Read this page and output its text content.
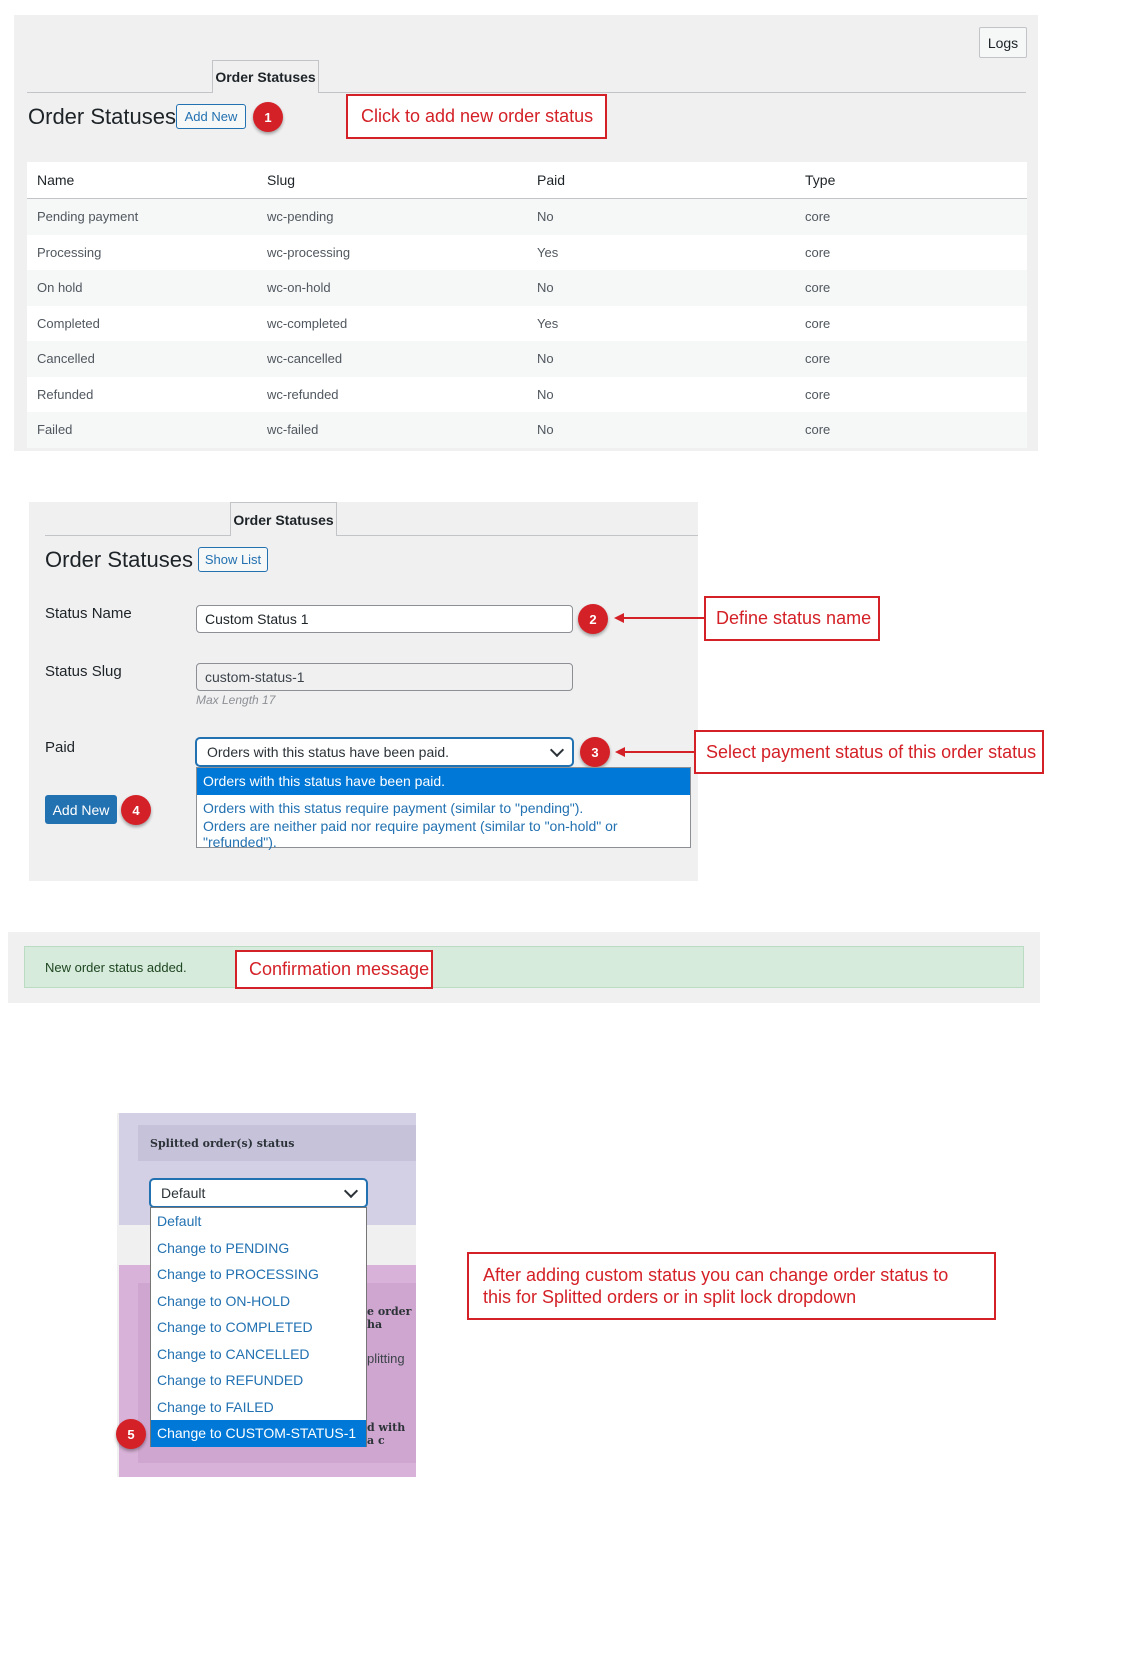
Logs
Order Statuses
Order Statuses Add New	1	Click to add new order status
Name	Slug	Paid	Type
Pending payment	wc-pending	No	core
Processing	wc-processing	Yes	core
On hold	wc-on-hold	No	core
Completed	wc-completed	Yes	core
Cancelled	wc-cancelled	No	core
Refunded	wc-refunded	No	core
Failed	wc-failed	No	core
Order Statuses
Order Statuses Show List
Status Name	Custom Status 1	2	Define status name
Status Slug	custom-status-1
Max Length 17
Paid	Orders with this status have been paid.	3	Select payment status of this order status
Orders with this status have been paid.
Orders with this status require payment (similar to "pending").
Orders are neither paid nor require payment (similar to "on-hold" or "refunded").
Add New	4
New order status added.	Confirmation message
Splitted order(s) status
e order ha
plitting
d with a c
Default
Default
Change to PENDING
Change to PROCESSING
Change to ON-HOLD
Change to COMPLETED
Change to CANCELLED
Change to REFUNDED
Change to FAILED
Change to CUSTOM-STATUS-1
5
After adding custom status you can change order status to this for Splitted orders or in split lock dropdown
